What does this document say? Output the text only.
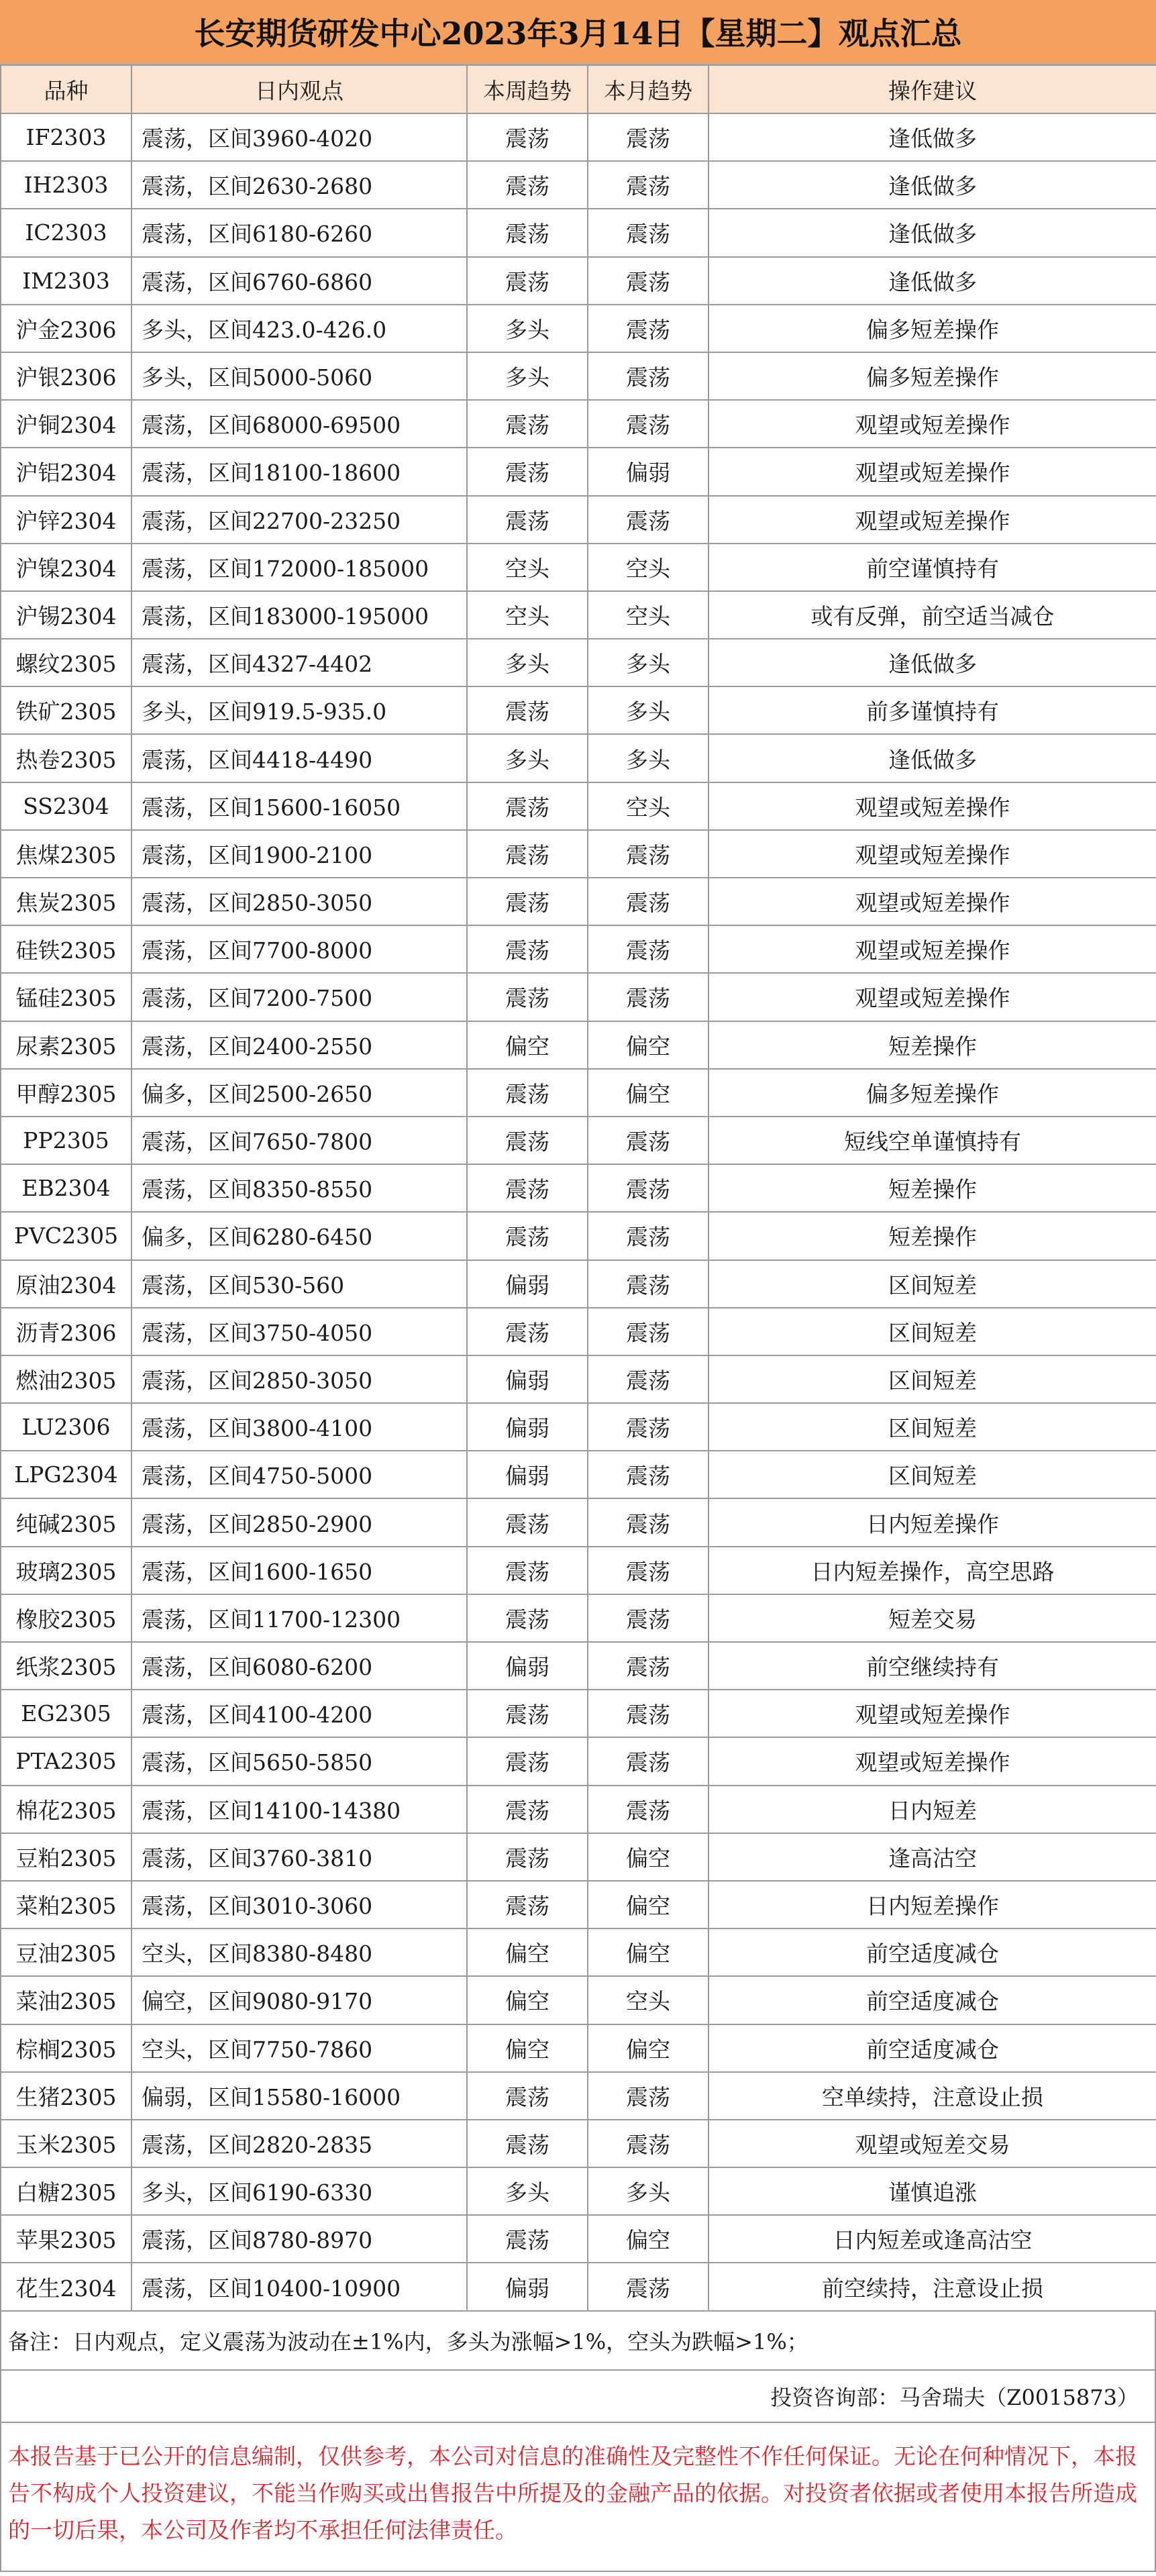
长安期货研发中心2023年3月14日【星期二】观点汇总
品种	日内观点	本周趋势	本月趋势	操作建议
IF2303	震荡，区间3960-4020	震荡	震荡	逢低做多
IH2303	震荡，区间2630-2680	震荡	震荡	逢低做多
IC2303	震荡，区间6180-6260	震荡	震荡	逢低做多
IM2303	震荡，区间6760-6860	震荡	震荡	逢低做多
沪金2306	多头，区间423.0-426.0	多头	震荡	偏多短差操作
沪银2306	多头，区间5000-5060	多头	震荡	偏多短差操作
沪铜2304	震荡，区间68000-69500	震荡	震荡	观望或短差操作
沪铝2304	震荡，区间18100-18600	震荡	偏弱	观望或短差操作
沪锌2304	震荡，区间22700-23250	震荡	震荡	观望或短差操作
沪镍2304	震荡，区间172000-185000	空头	空头	前空谨慎持有
沪锡2304	震荡，区间183000-195000	空头	空头	或有反弹，前空适当减仓
螺纹2305	震荡，区间4327-4402	多头	多头	逢低做多
铁矿2305	多头，区间919.5-935.0	震荡	多头	前多谨慎持有
热卷2305	震荡，区间4418-4490	多头	多头	逢低做多
SS2304	震荡，区间15600-16050	震荡	空头	观望或短差操作
焦煤2305	震荡，区间1900-2100	震荡	震荡	观望或短差操作
焦炭2305	震荡，区间2850-3050	震荡	震荡	观望或短差操作
硅铁2305	震荡，区间7700-8000	震荡	震荡	观望或短差操作
锰硅2305	震荡，区间7200-7500	震荡	震荡	观望或短差操作
尿素2305	震荡，区间2400-2550	偏空	偏空	短差操作
甲醇2305	偏多，区间2500-2650	震荡	偏空	偏多短差操作
PP2305	震荡，区间7650-7800	震荡	震荡	短线空单谨慎持有
EB2304	震荡，区间8350-8550	震荡	震荡	短差操作
PVC2305	偏多，区间6280-6450	震荡	震荡	短差操作
原油2304	震荡，区间530-560	偏弱	震荡	区间短差
沥青2306	震荡，区间3750-4050	震荡	震荡	区间短差
燃油2305	震荡，区间2850-3050	偏弱	震荡	区间短差
LU2306	震荡，区间3800-4100	偏弱	震荡	区间短差
LPG2304	震荡，区间4750-5000	偏弱	震荡	区间短差
纯碱2305	震荡，区间2850-2900	震荡	震荡	日内短差操作
玻璃2305	震荡，区间1600-1650	震荡	震荡	日内短差操作，高空思路
橡胶2305	震荡，区间11700-12300	震荡	震荡	短差交易
纸浆2305	震荡，区间6080-6200	偏弱	震荡	前空继续持有
EG2305	震荡，区间4100-4200	震荡	震荡	观望或短差操作
PTA2305	震荡，区间5650-5850	震荡	震荡	观望或短差操作
棉花2305	震荡，区间14100-14380	震荡	震荡	日内短差
豆粕2305	震荡，区间3760-3810	震荡	偏空	逢高沽空
菜粕2305	震荡，区间3010-3060	震荡	偏空	日内短差操作
豆油2305	空头，区间8380-8480	偏空	偏空	前空适度减仓
菜油2305	偏空，区间9080-9170	偏空	空头	前空适度减仓
棕榈2305	空头，区间7750-7860	偏空	偏空	前空适度减仓
生猪2305	偏弱，区间15580-16000	震荡	震荡	空单续持，注意设止损
玉米2305	震荡，区间2820-2835	震荡	震荡	观望或短差交易
白糖2305	多头，区间6190-6330	多头	多头	谨慎追涨
苹果2305	震荡，区间8780-8970	震荡	偏空	日内短差或逢高沽空
花生2304	震荡，区间10400-10900	偏弱	震荡	前空续持，注意设止损
备注：日内观点，定义震荡为波动在±1%内，多头为涨幅>1%，空头为跌幅>1%；
投资咨询部：马舍瑞夫（Z0015873）
本报告基于已公开的信息编制，仅供参考，本公司对信息的准确性及完整性不作任何保证。无论在何种情况下，本报告不构成个人投资建议，不能当作购买或出售报告中所提及的金融产品的依据。对投资者依据或者使用本报告所造成的一切后果，本公司及作者均不承担任何法律责任。
